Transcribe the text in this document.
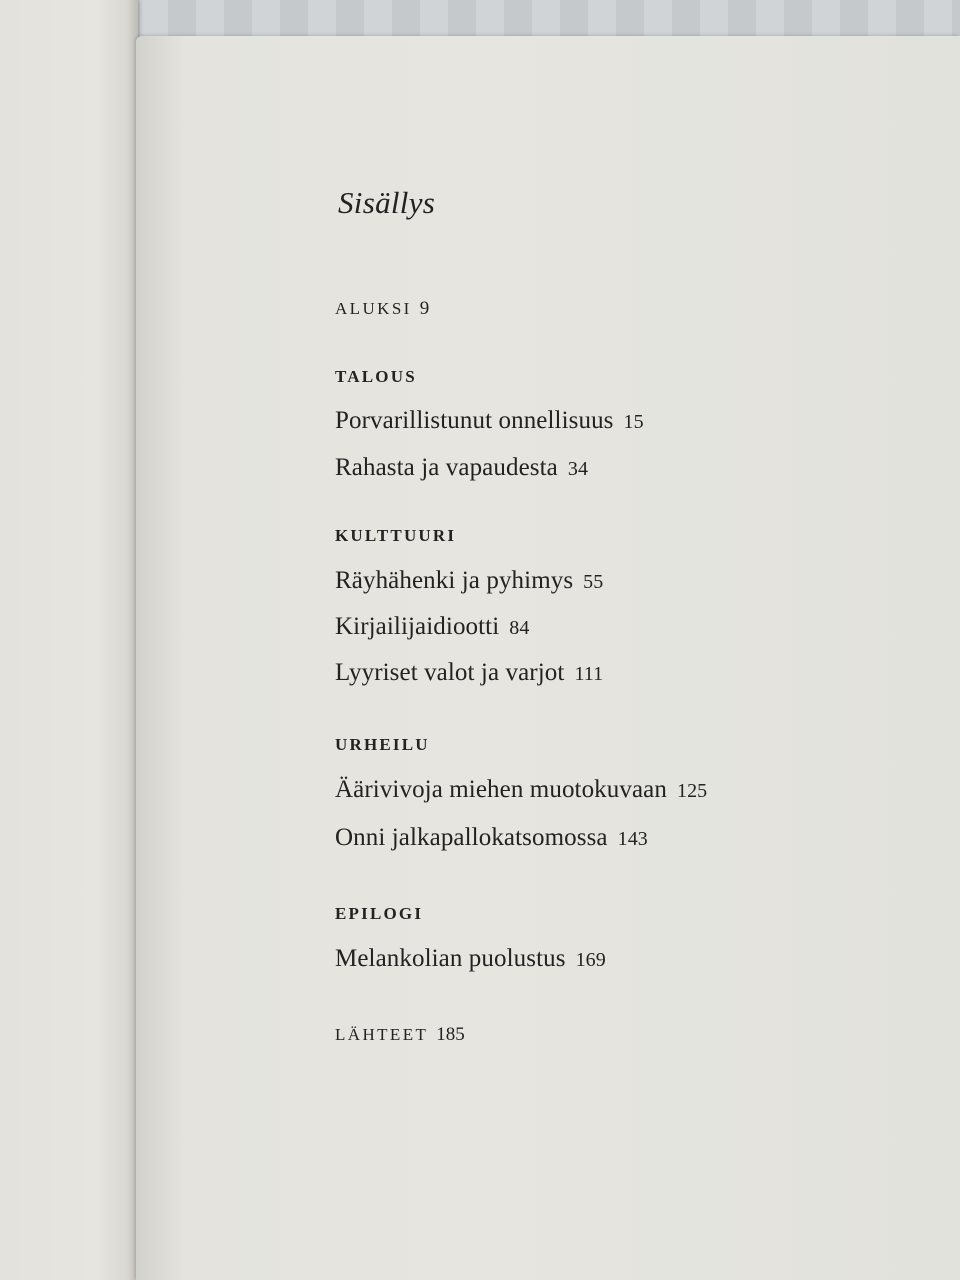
Sisällys
ALUKSI 9
TALOUS
Porvarillistunut onnellisuus 15
Rahasta ja vapaudesta 34
KULTTUURI
Räyhähenki ja pyhimys 55
Kirjailijaidiootti 84
Lyyriset valot ja varjot 111
URHEILU
Äärivivoja miehen muotokuvaan 125
Onni jalkapallokatsomossa 143
EPILOGI
Melankolian puolustus 169
LÄHTEET 185
